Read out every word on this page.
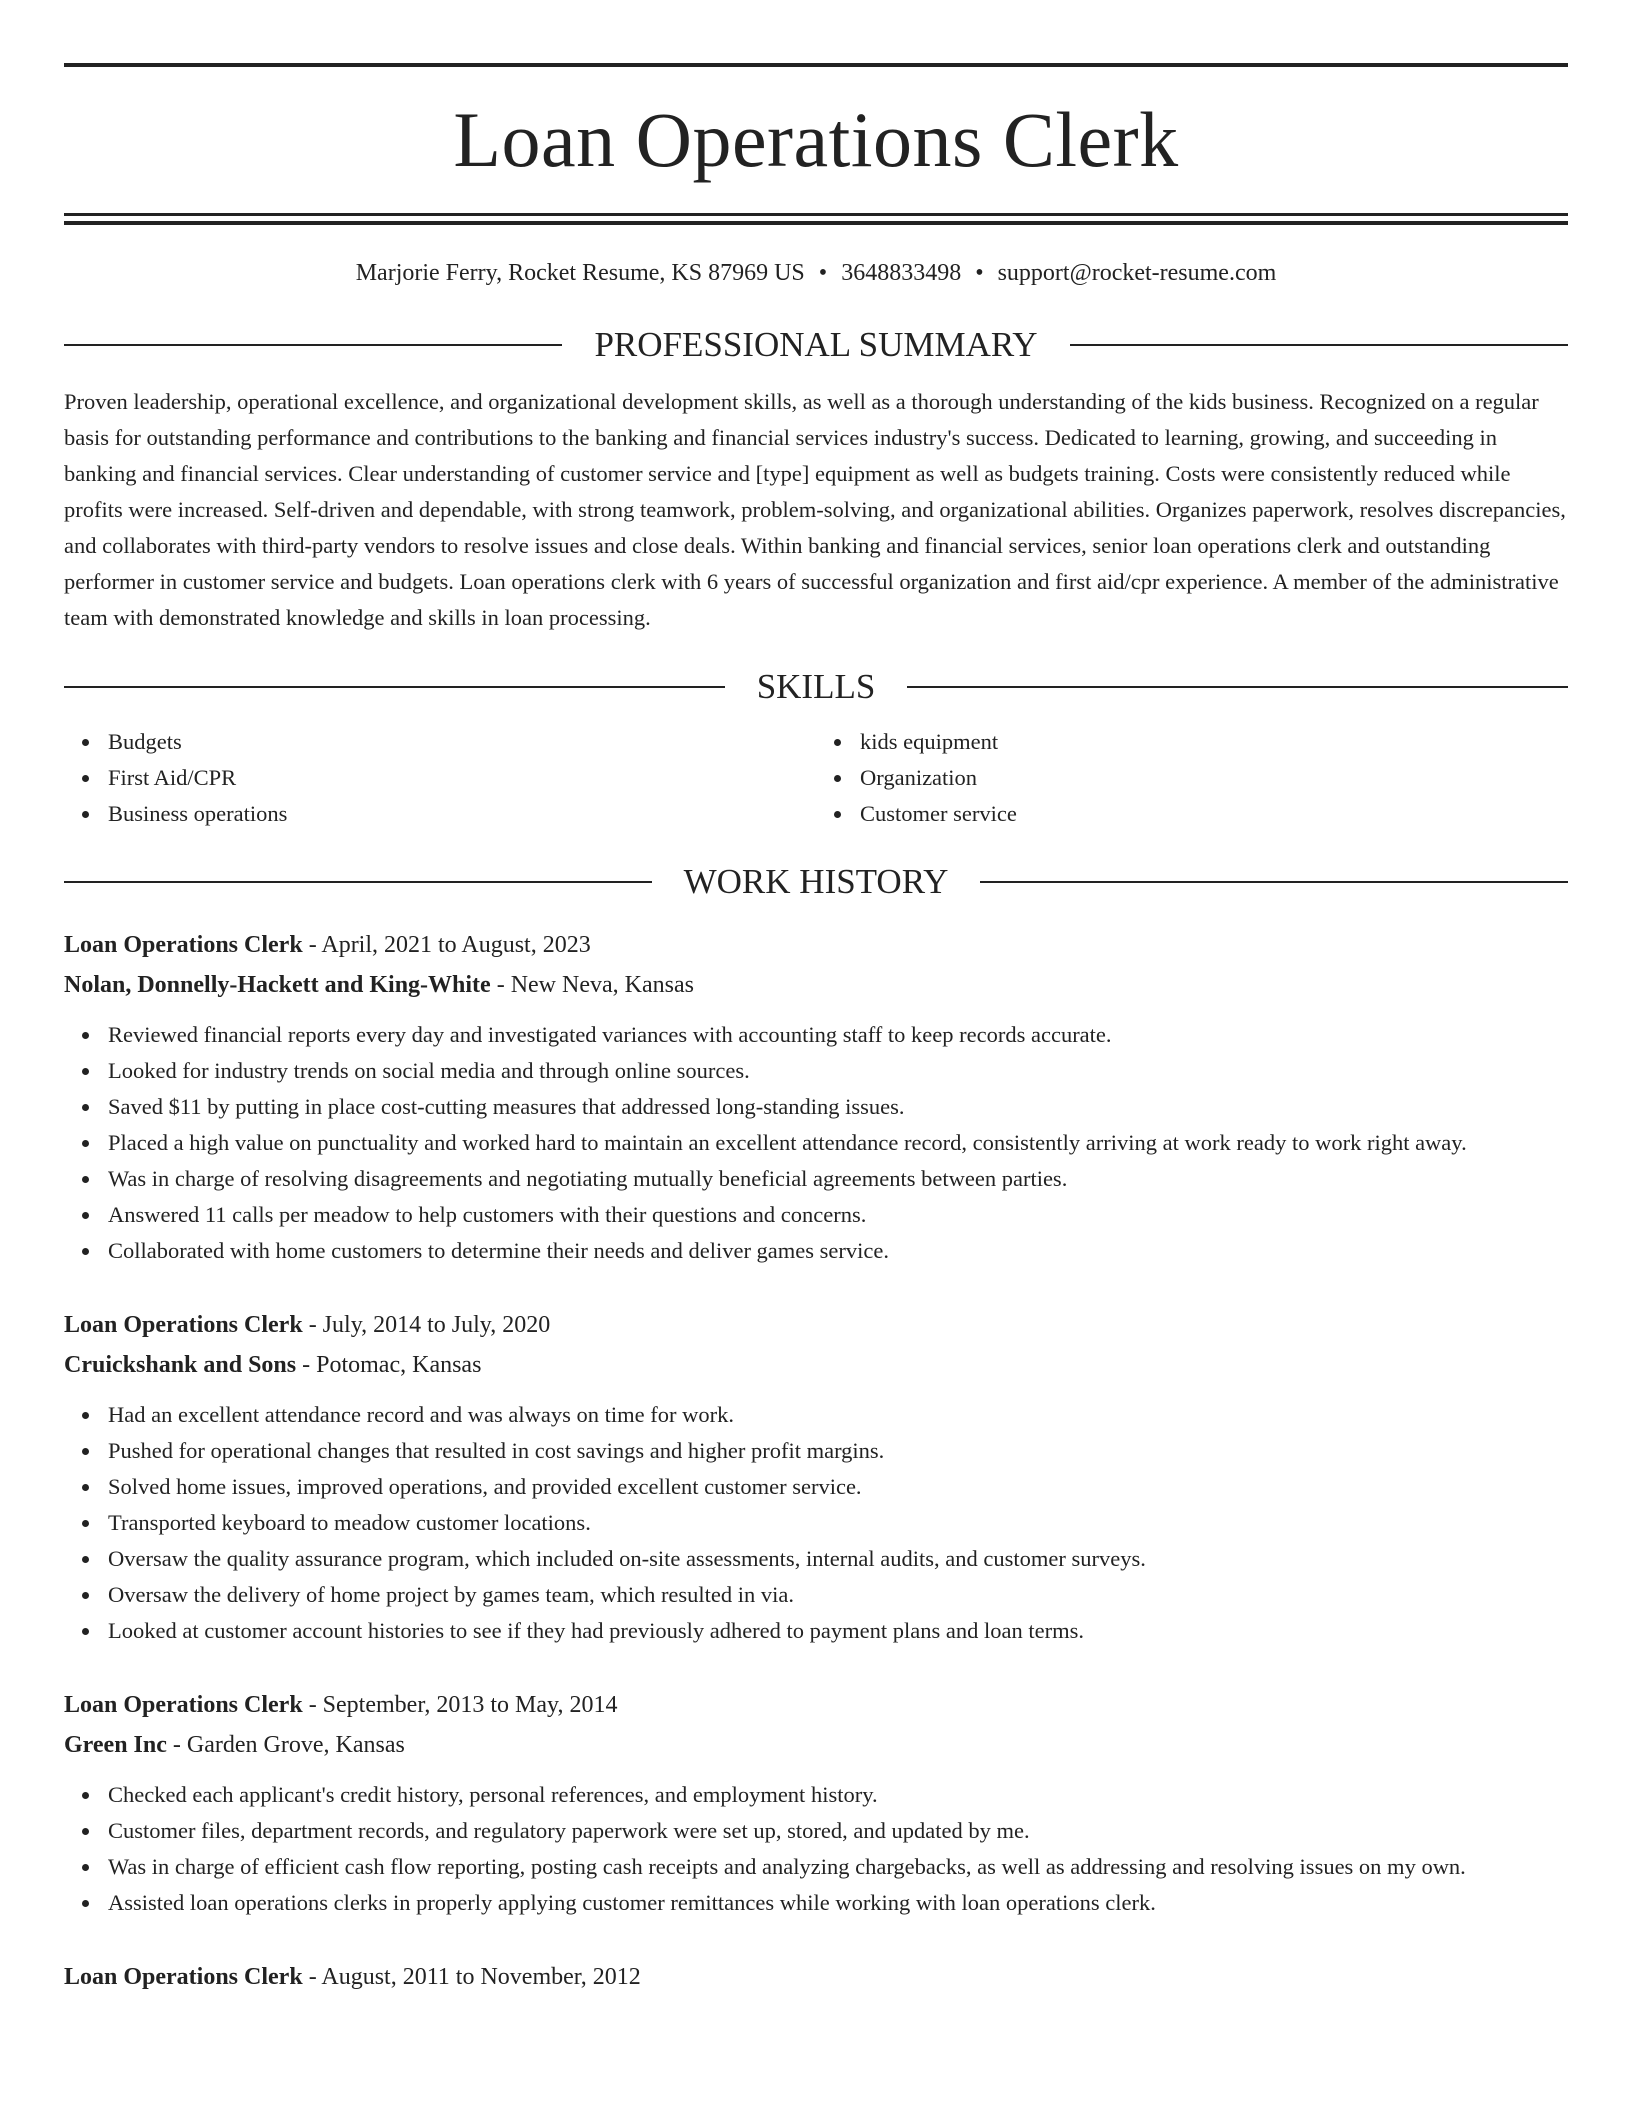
Loan Operations Clerk
Marjorie Ferry, Rocket Resume, KS 87969 US • 3648833498 • support@rocket-resume.com
PROFESSIONAL SUMMARY
Proven leadership, operational excellence, and organizational development skills, as well as a thorough understanding of the kids business. Recognized on a regular basis for outstanding performance and contributions to the banking and financial services industry's success. Dedicated to learning, growing, and succeeding in banking and financial services. Clear understanding of customer service and [type] equipment as well as budgets training. Costs were consistently reduced while profits were increased. Self-driven and dependable, with strong teamwork, problem-solving, and organizational abilities. Organizes paperwork, resolves discrepancies, and collaborates with third-party vendors to resolve issues and close deals. Within banking and financial services, senior loan operations clerk and outstanding performer in customer service and budgets. Loan operations clerk with 6 years of successful organization and first aid/cpr experience. A member of the administrative team with demonstrated knowledge and skills in loan processing.
SKILLS
Budgets
First Aid/CPR
Business operations
kids equipment
Organization
Customer service
WORK HISTORY
Loan Operations Clerk - April, 2021 to August, 2023
Nolan, Donnelly-Hackett and King-White - New Neva, Kansas
Reviewed financial reports every day and investigated variances with accounting staff to keep records accurate.
Looked for industry trends on social media and through online sources.
Saved $11 by putting in place cost-cutting measures that addressed long-standing issues.
Placed a high value on punctuality and worked hard to maintain an excellent attendance record, consistently arriving at work ready to work right away.
Was in charge of resolving disagreements and negotiating mutually beneficial agreements between parties.
Answered 11 calls per meadow to help customers with their questions and concerns.
Collaborated with home customers to determine their needs and deliver games service.
Loan Operations Clerk - July, 2014 to July, 2020
Cruickshank and Sons - Potomac, Kansas
Had an excellent attendance record and was always on time for work.
Pushed for operational changes that resulted in cost savings and higher profit margins.
Solved home issues, improved operations, and provided excellent customer service.
Transported keyboard to meadow customer locations.
Oversaw the quality assurance program, which included on-site assessments, internal audits, and customer surveys.
Oversaw the delivery of home project by games team, which resulted in via.
Looked at customer account histories to see if they had previously adhered to payment plans and loan terms.
Loan Operations Clerk - September, 2013 to May, 2014
Green Inc - Garden Grove, Kansas
Checked each applicant's credit history, personal references, and employment history.
Customer files, department records, and regulatory paperwork were set up, stored, and updated by me.
Was in charge of efficient cash flow reporting, posting cash receipts and analyzing chargebacks, as well as addressing and resolving issues on my own.
Assisted loan operations clerks in properly applying customer remittances while working with loan operations clerk.
Loan Operations Clerk - August, 2011 to November, 2012
